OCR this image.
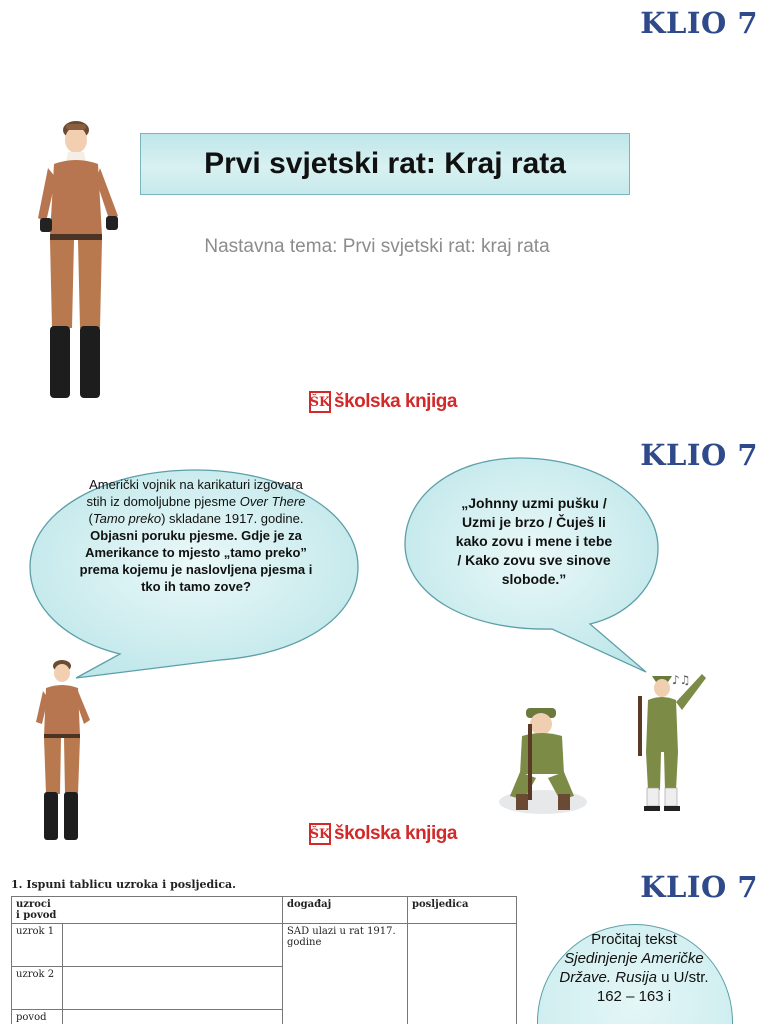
KLIO 7
Prvi svjetski rat: Kraj rata
Nastavna tema: Prvi svjetski rat: kraj rata
ŠK školska knjiga
KLIO 7
Američki vojnik na karikaturi izgovara stih iz domoljubne pjesme Over There (Tamo preko) skladane 1917. godine.
Objasni poruku pjesme. Gdje je za Amerikance to mjesto „tamo preko” prema kojemu je naslovljena pjesma i tko ih tamo zove?
„Johnny uzmi pušku / Uzmi je brzo / Čuješ li kako zovu i mene i tebe / Kako zovu sve sinove slobode.”
♪♫
ŠK školska knjiga
KLIO 7
1. Ispuni tablicu uzroka i posljedica.
uzroci i povod		događaj	posljedica
uzrok 1		SAD ulazi u rat 1917. godine	
uzrok 2			
povod			
Pročitaj tekst Sjedinjenje Američke Države. Rusija u U/str. 162 – 163 i
